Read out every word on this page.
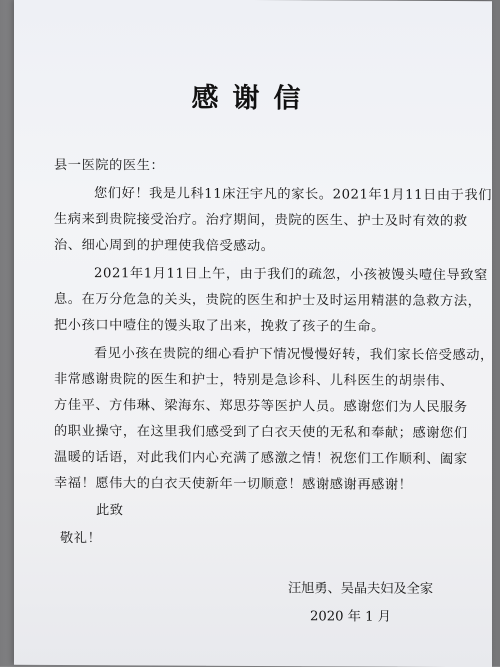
感谢信
县一医院的医生：
您们好！我是儿科11床汪宇凡的家长。2021年1月11日由于我们
生病来到贵院接受治疗。治疗期间，贵院的医生、护士及时有效的救
治、细心周到的护理使我倍受感动。
2021年1月11日上午，由于我们的疏忽，小孩被馒头噎住导致窒
息。在万分危急的关头，贵院的医生和护士及时运用精湛的急救方法，
把小孩口中噎住的馒头取了出来，挽救了孩子的生命。
看见小孩在贵院的细心看护下情况慢慢好转，我们家长倍受感动，
非常感谢贵院的医生和护士，特别是急诊科、儿科医生的胡崇伟、
方佳平、方伟琳、梁海东、郑思芬等医护人员。感谢您们为人民服务
的职业操守，在这里我们感受到了白衣天使的无私和奉献；感谢您们
温暖的话语，对此我们内心充满了感激之情！祝您们工作顺利、阖家
幸福！愿伟大的白衣天使新年一切顺意！感谢感谢再感谢！
此致
敬礼！
汪旭勇、吴晶夫妇及全家
2020 年 1 月
